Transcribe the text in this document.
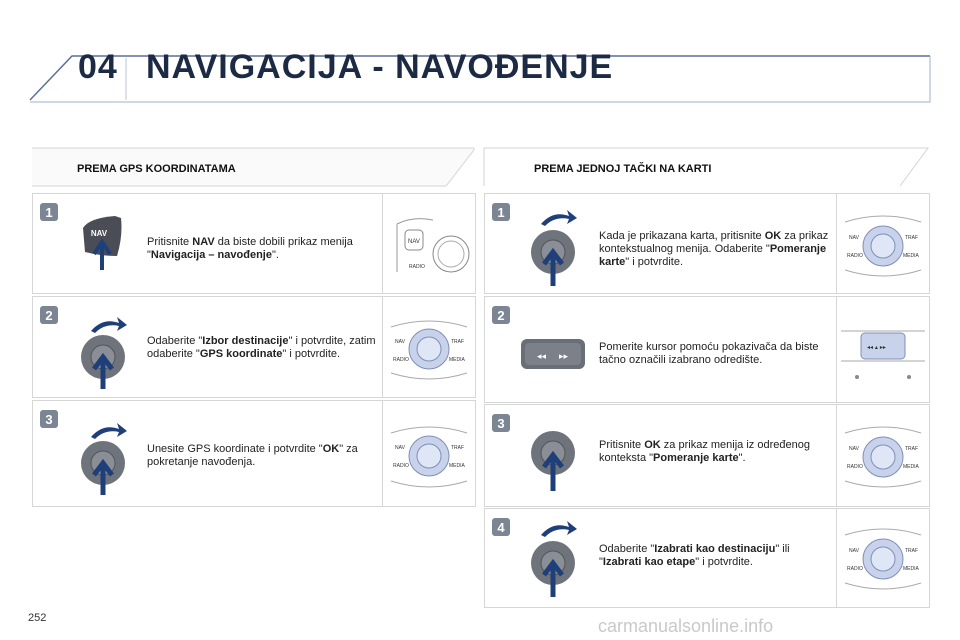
04 NAVIGACIJA - NAVOĐENJE
PREMA GPS KOORDINATAMA	PREMA JEDNOJ TAČKI NA KARTI
1
NAV
Pritisnite NAV da biste dobili prikaz menija "Navigacija – navođenje".
NAV
RADIO
2
Odaberite "Izbor destinacije" i potvrdite, zatim odaberite "GPS koordinate" i potvrdite.
NAV	TRAF
RADIO	MEDIA
3
Unesite GPS koordinate i potvrdite "OK" za pokretanje navođenja.
NAV	TRAF
RADIO	MEDIA
1
Kada je prikazana karta, pritisnite OK za prikaz kontekstualnog menija. Odaberite "Pomeranje karte" i potvrdite.
NAV	TRAF
RADIO	MEDIA
2
◂◂ ▸▸
Pomerite kursor pomoću pokazivača da biste tačno označili izabrano odredište.
◂◂ ▴ ▸▸
3
Pritisnite OK za prikaz menija iz određenog konteksta "Pomeranje karte".
NAV	TRAF
RADIO	MEDIA
4
Odaberite "Izabrati kao destinaciju" ili "Izabrati kao etape" i potvrdite.
NAV	TRAF
RADIO	MEDIA
252	carmanualsonline.info
